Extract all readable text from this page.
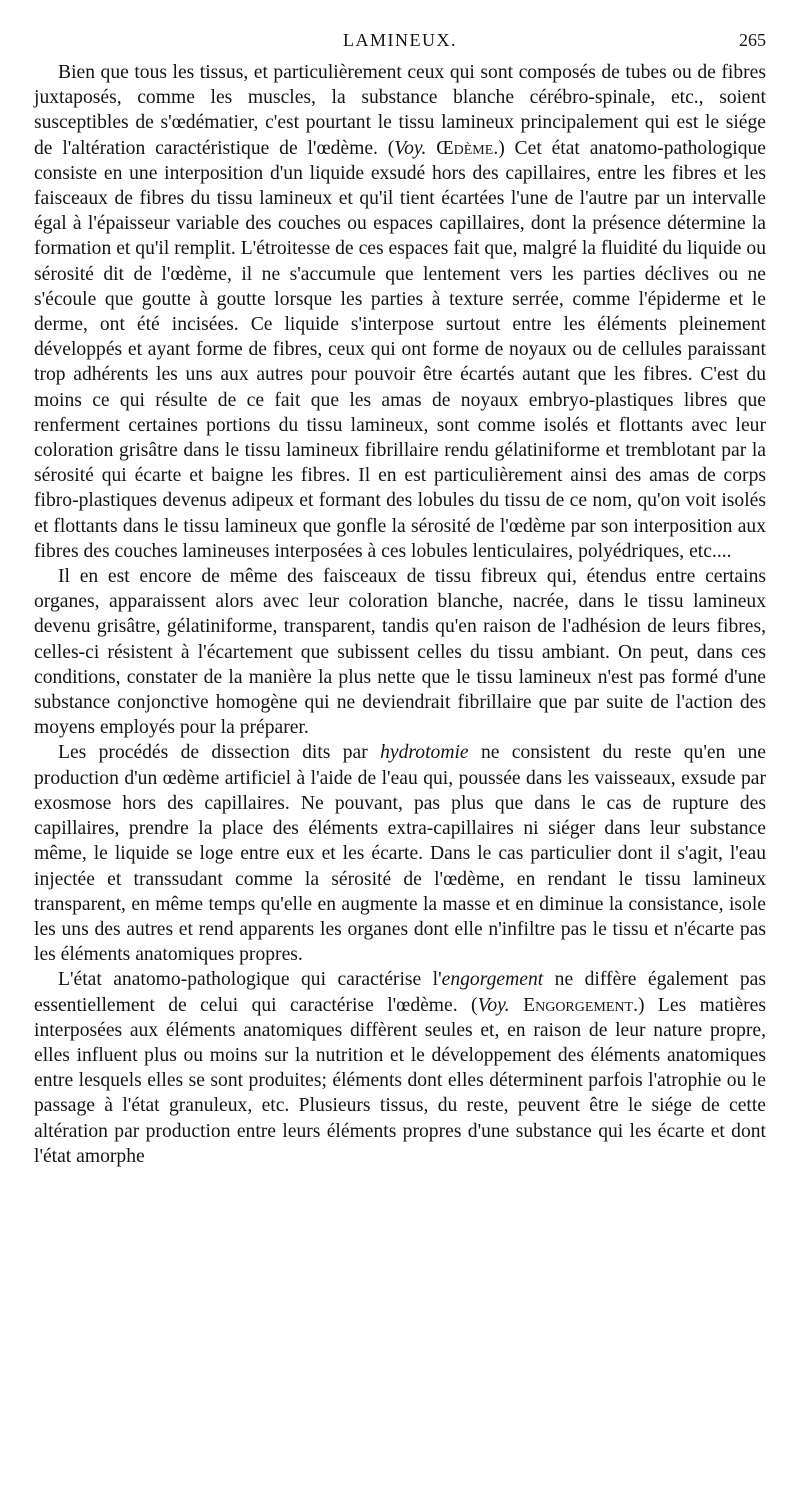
LAMINEUX.	265

Bien que tous les tissus, et particulièrement ceux qui sont composés de tubes ou de fibres juxtaposés, comme les muscles, la substance blanche cérébro-spinale, etc., soient susceptibles de s'œdématier, c'est pourtant le tissu lamineux principalement qui est le siége de l'altération caractéristique de l'œdème. (Voy. Œdème.) Cet état anatomo-pathologique consiste en une interposition d'un liquide exsudé hors des capillaires, entre les fibres et les faisceaux de fibres du tissu lamineux et qu'il tient écartées l'une de l'autre par un intervalle égal à l'épaisseur variable des couches ou espaces capillaires, dont la présence détermine la formation et qu'il remplit. L'étroitesse de ces espaces fait que, malgré la fluidité du liquide ou sérosité dit de l'œdème, il ne s'accumule que lentement vers les parties déclives ou ne s'écoule que goutte à goutte lorsque les parties à texture serrée, comme l'épiderme et le derme, ont été incisées. Ce liquide s'interpose surtout entre les éléments pleinement développés et ayant forme de fibres, ceux qui ont forme de noyaux ou de cellules paraissant trop adhérents les uns aux autres pour pouvoir être écartés autant que les fibres. C'est du moins ce qui résulte de ce fait que les amas de noyaux embryo-plastiques libres que renferment certaines portions du tissu lamineux, sont comme isolés et flottants avec leur coloration grisâtre dans le tissu lamineux fibrillaire rendu gélatiniforme et tremblotant par la sérosité qui écarte et baigne les fibres. Il en est particulièrement ainsi des amas de corps fibro-plastiques devenus adipeux et formant des lobules du tissu de ce nom, qu'on voit isolés et flottants dans le tissu lamineux que gonfle la sérosité de l'œdème par son interposition aux fibres des couches lamineuses interposées à ces lobules lenticulaires, polyédriques, etc....

Il en est encore de même des faisceaux de tissu fibreux qui, étendus entre certains organes, apparaissent alors avec leur coloration blanche, nacrée, dans le tissu lamineux devenu grisâtre, gélatiniforme, transparent, tandis qu'en raison de l'adhésion de leurs fibres, celles-ci résistent à l'écartement que subissent celles du tissu ambiant. On peut, dans ces conditions, constater de la manière la plus nette que le tissu lamineux n'est pas formé d'une substance conjonctive homogène qui ne deviendrait fibrillaire que par suite de l'action des moyens employés pour la préparer.

Les procédés de dissection dits par hydrotomie ne consistent du reste qu'en une production d'un œdème artificiel à l'aide de l'eau qui, poussée dans les vaisseaux, exsude par exosmose hors des capillaires. Ne pouvant, pas plus que dans le cas de rupture des capillaires, prendre la place des éléments extra-capillaires ni siéger dans leur substance même, le liquide se loge entre eux et les écarte. Dans le cas particulier dont il s'agit, l'eau injectée et transsudant comme la sérosité de l'œdème, en rendant le tissu lamineux transparent, en même temps qu'elle en augmente la masse et en diminue la consistance, isole les uns des autres et rend apparents les organes dont elle n'infiltre pas le tissu et n'écarte pas les éléments anatomiques propres.

L'état anatomo-pathologique qui caractérise l'engorgement ne diffère également pas essentiellement de celui qui caractérise l'œdème. (Voy. Engorgement.) Les matières interposées aux éléments anatomiques diffèrent seules et, en raison de leur nature propre, elles influent plus ou moins sur la nutrition et le développement des éléments anatomiques entre lesquels elles se sont produites; éléments dont elles déterminent parfois l'atrophie ou le passage à l'état granuleux, etc. Plusieurs tissus, du reste, peuvent être le siége de cette altération par production entre leurs éléments propres d'une substance qui les écarte et dont l'état amorphe
